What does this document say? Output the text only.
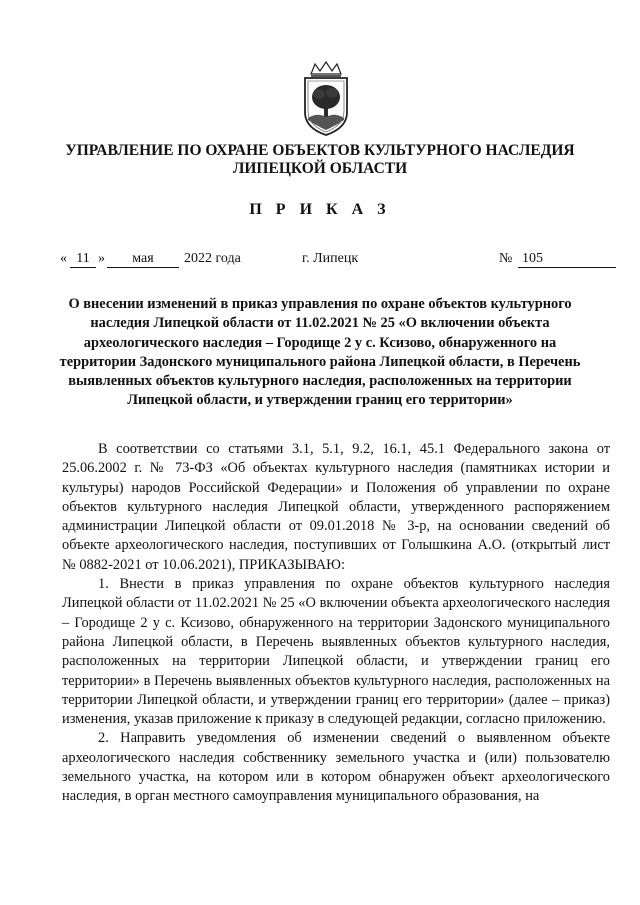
УПРАВЛЕНИЕ ПО ОХРАНЕ ОБЪЕКТОВ КУЛЬТУРНОГО НАСЛЕДИЯ
ЛИПЕЦКОЙ ОБЛАСТИ
П Р И К А З
« 11 »	мая	2022 года	г. Липецк	№ 105
О внесении изменений в приказ управления по охране объектов культурного наследия Липецкой области от 11.02.2021 № 25 «О включении объекта археологического наследия – Городище 2 у с. Ксизово, обнаруженного на территории Задонского муниципального района Липецкой области, в Перечень выявленных объектов культурного наследия, расположенных на территории Липецкой области, и утверждении границ его территории»

В соответствии со статьями 3.1, 5.1, 9.2, 16.1, 45.1 Федерального закона от 25.06.2002 г. № 73-ФЗ «Об объектах культурного наследия (памятниках истории и культуры) народов Российской Федерации» и Положения об управлении по охране объектов культурного наследия Липецкой области, утвержденного распоряжением администрации Липецкой области от 09.01.2018 № 3-р, на основании сведений об объекте археологического наследия, поступивших от Голышкина А.О. (открытый лист № 0882-2021 от 10.06.2021), ПРИКАЗЫВАЮ:

1. Внести в приказ управления по охране объектов культурного наследия Липецкой области от 11.02.2021 № 25 «О включении объекта археологического наследия – Городище 2 у с. Ксизово, обнаруженного на территории Задонского муниципального района Липецкой области, в Перечень выявленных объектов культурного наследия, расположенных на территории Липецкой области, и утверждении границ его территории» в Перечень выявленных объектов культурного наследия, расположенных на территории Липецкой области, и утверждении границ его территории» (далее – приказ) изменения, указав приложение к приказу в следующей редакции, согласно приложению.

2. Направить уведомления об изменении сведений о выявленном объекте археологического наследия собственнику земельного участка и (или) пользователю земельного участка, на котором или в котором обнаружен объект археологического наследия, в орган местного самоуправления муниципального образования, на
